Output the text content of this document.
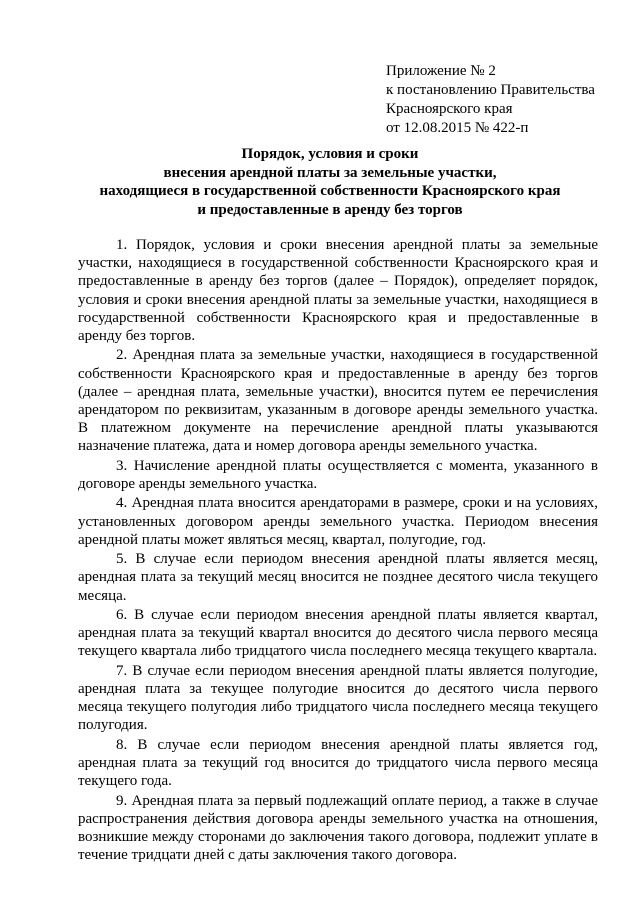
Приложение № 2
к постановлению Правительства
Красноярского края
от 12.08.2015 № 422-п
Порядок, условия и сроки
внесения арендной платы за земельные участки,
находящиеся в государственной собственности Красноярского края
и предоставленные в аренду без торгов

1. Порядок, условия и сроки внесения арендной платы за земельные участки, находящиеся в государственной собственности Красноярского края и предоставленные в аренду без торгов (далее – Порядок), определяет порядок, условия и сроки внесения арендной платы за земельные участки, находящиеся в государственной собственности Красноярского края и предоставленные в аренду без торгов.

2. Арендная плата за земельные участки, находящиеся в государственной собственности Красноярского края и предоставленные в аренду без торгов (далее – арендная плата, земельные участки), вносится путем ее перечисления арендатором по реквизитам, указанным в договоре аренды земельного участка. В платежном документе на перечисление арендной платы указываются назначение платежа, дата и номер договора аренды земельного участка.

3. Начисление арендной платы осуществляется с момента, указанного в договоре аренды земельного участка.

4. Арендная плата вносится арендаторами в размере, сроки и на условиях, установленных договором аренды земельного участка. Периодом внесения арендной платы может являться месяц, квартал, полугодие, год.

5. В случае если периодом внесения арендной платы является месяц, арендная плата за текущий месяц вносится не позднее десятого числа текущего месяца.

6. В случае если периодом внесения арендной платы является квартал, арендная плата за текущий квартал вносится до десятого числа первого месяца текущего квартала либо тридцатого числа последнего месяца текущего квартала.

7. В случае если периодом внесения арендной платы является полугодие, арендная плата за текущее полугодие вносится до десятого числа первого месяца текущего полугодия либо тридцатого числа последнего месяца текущего полугодия.

8. В случае если периодом внесения арендной платы является год, арендная плата за текущий год вносится до тридцатого числа первого месяца текущего года.

9. Арендная плата за первый подлежащий оплате период, а также в случае распространения действия договора аренды земельного участка на отношения, возникшие между сторонами до заключения такого договора, подлежит уплате в течение тридцати дней с даты заключения такого договора.
